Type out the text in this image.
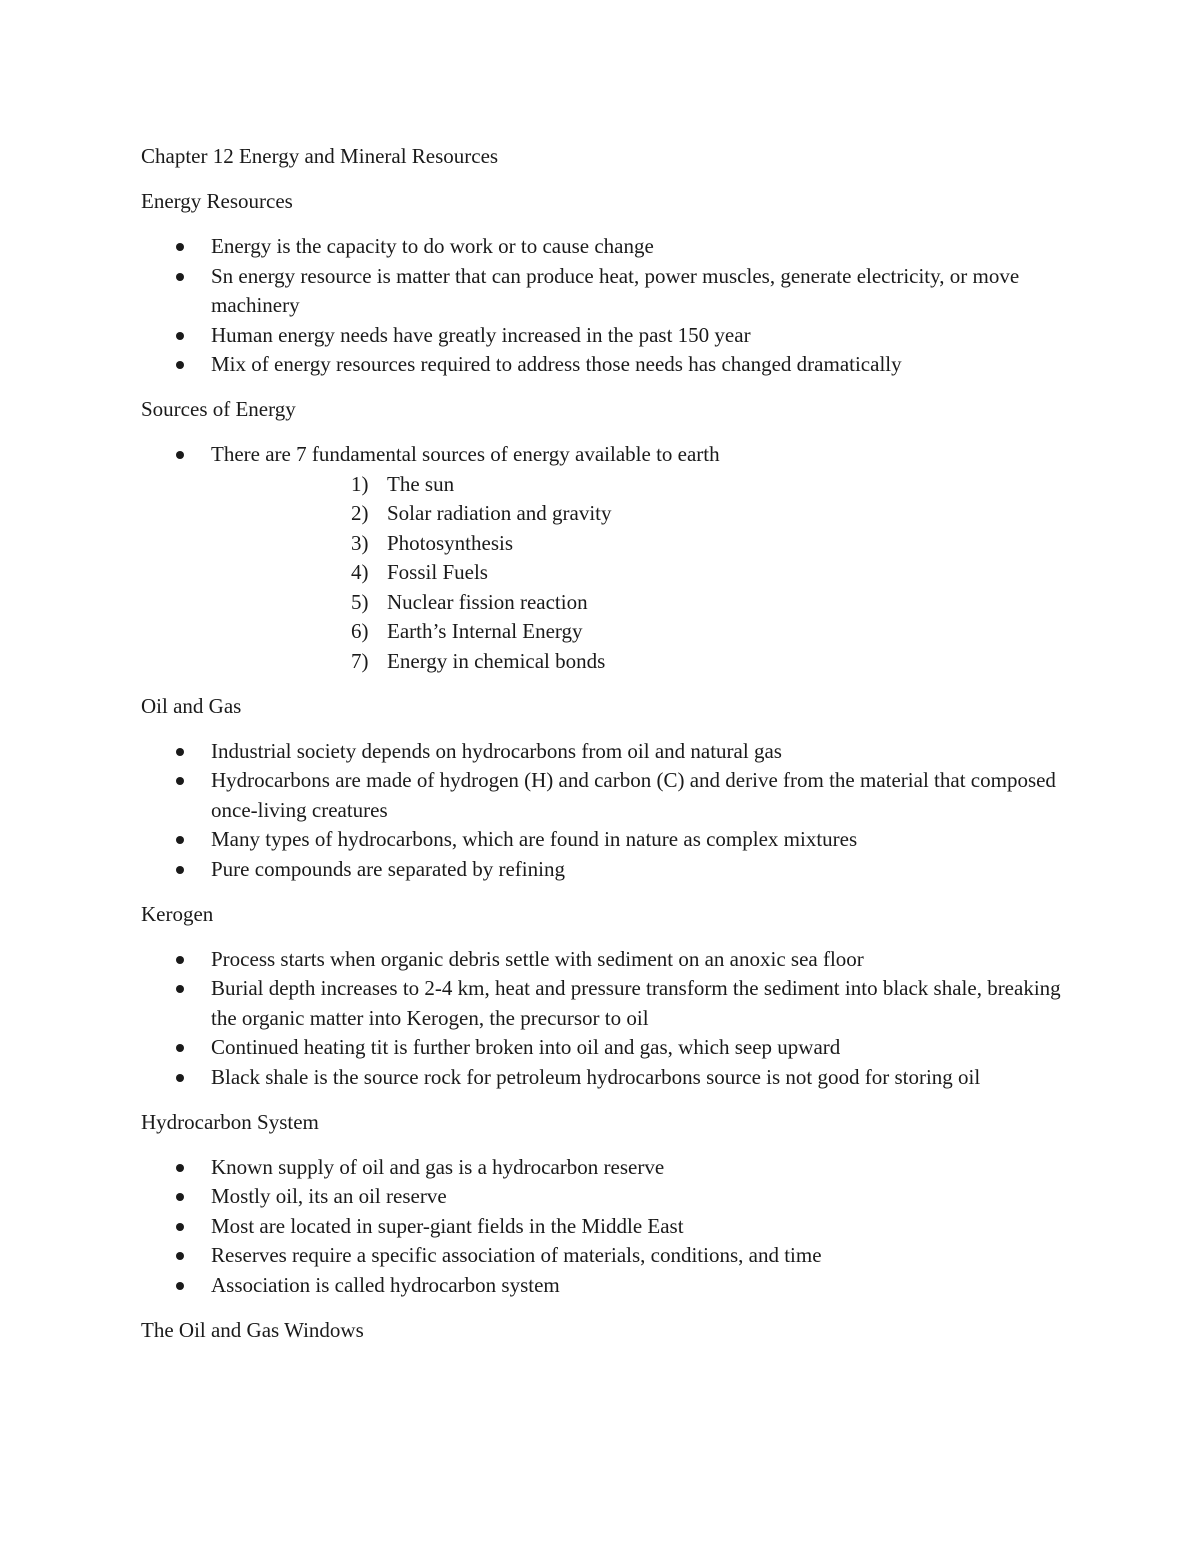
Chapter 12 Energy and Mineral Resources

Energy Resources

Energy is the capacity to do work or to cause change
Sn energy resource is matter that can produce heat, power muscles, generate electricity, or move machinery
Human energy needs have greatly increased in the past 150 year
Mix of energy resources required to address those needs has changed dramatically

Sources of Energy

There are 7 fundamental sources of energy available to earth
1) The sun
2) Solar radiation and gravity
3) Photosynthesis
4) Fossil Fuels
5) Nuclear fission reaction
6) Earth’s Internal Energy
7) Energy in chemical bonds

Oil and Gas

Industrial society depends on hydrocarbons from oil and natural gas
Hydrocarbons are made of hydrogen (H) and carbon (C) and derive from the material that composed once-living creatures
Many types of hydrocarbons, which are found in nature as complex mixtures
Pure compounds are separated by refining

Kerogen

Process starts when organic debris settle with sediment on an anoxic sea floor
Burial depth increases to 2-4 km, heat and pressure transform the sediment into black shale, breaking the organic matter into Kerogen, the precursor to oil
Continued heating tit is further broken into oil and gas, which seep upward
Black shale is the source rock for petroleum hydrocarbons source is not good for storing oil

Hydrocarbon System

Known supply of oil and gas is a hydrocarbon reserve
Mostly oil, its an oil reserve
Most are located in super-giant fields in the Middle East
Reserves require a specific association of materials, conditions, and time
Association is called hydrocarbon system

The Oil and Gas Windows
